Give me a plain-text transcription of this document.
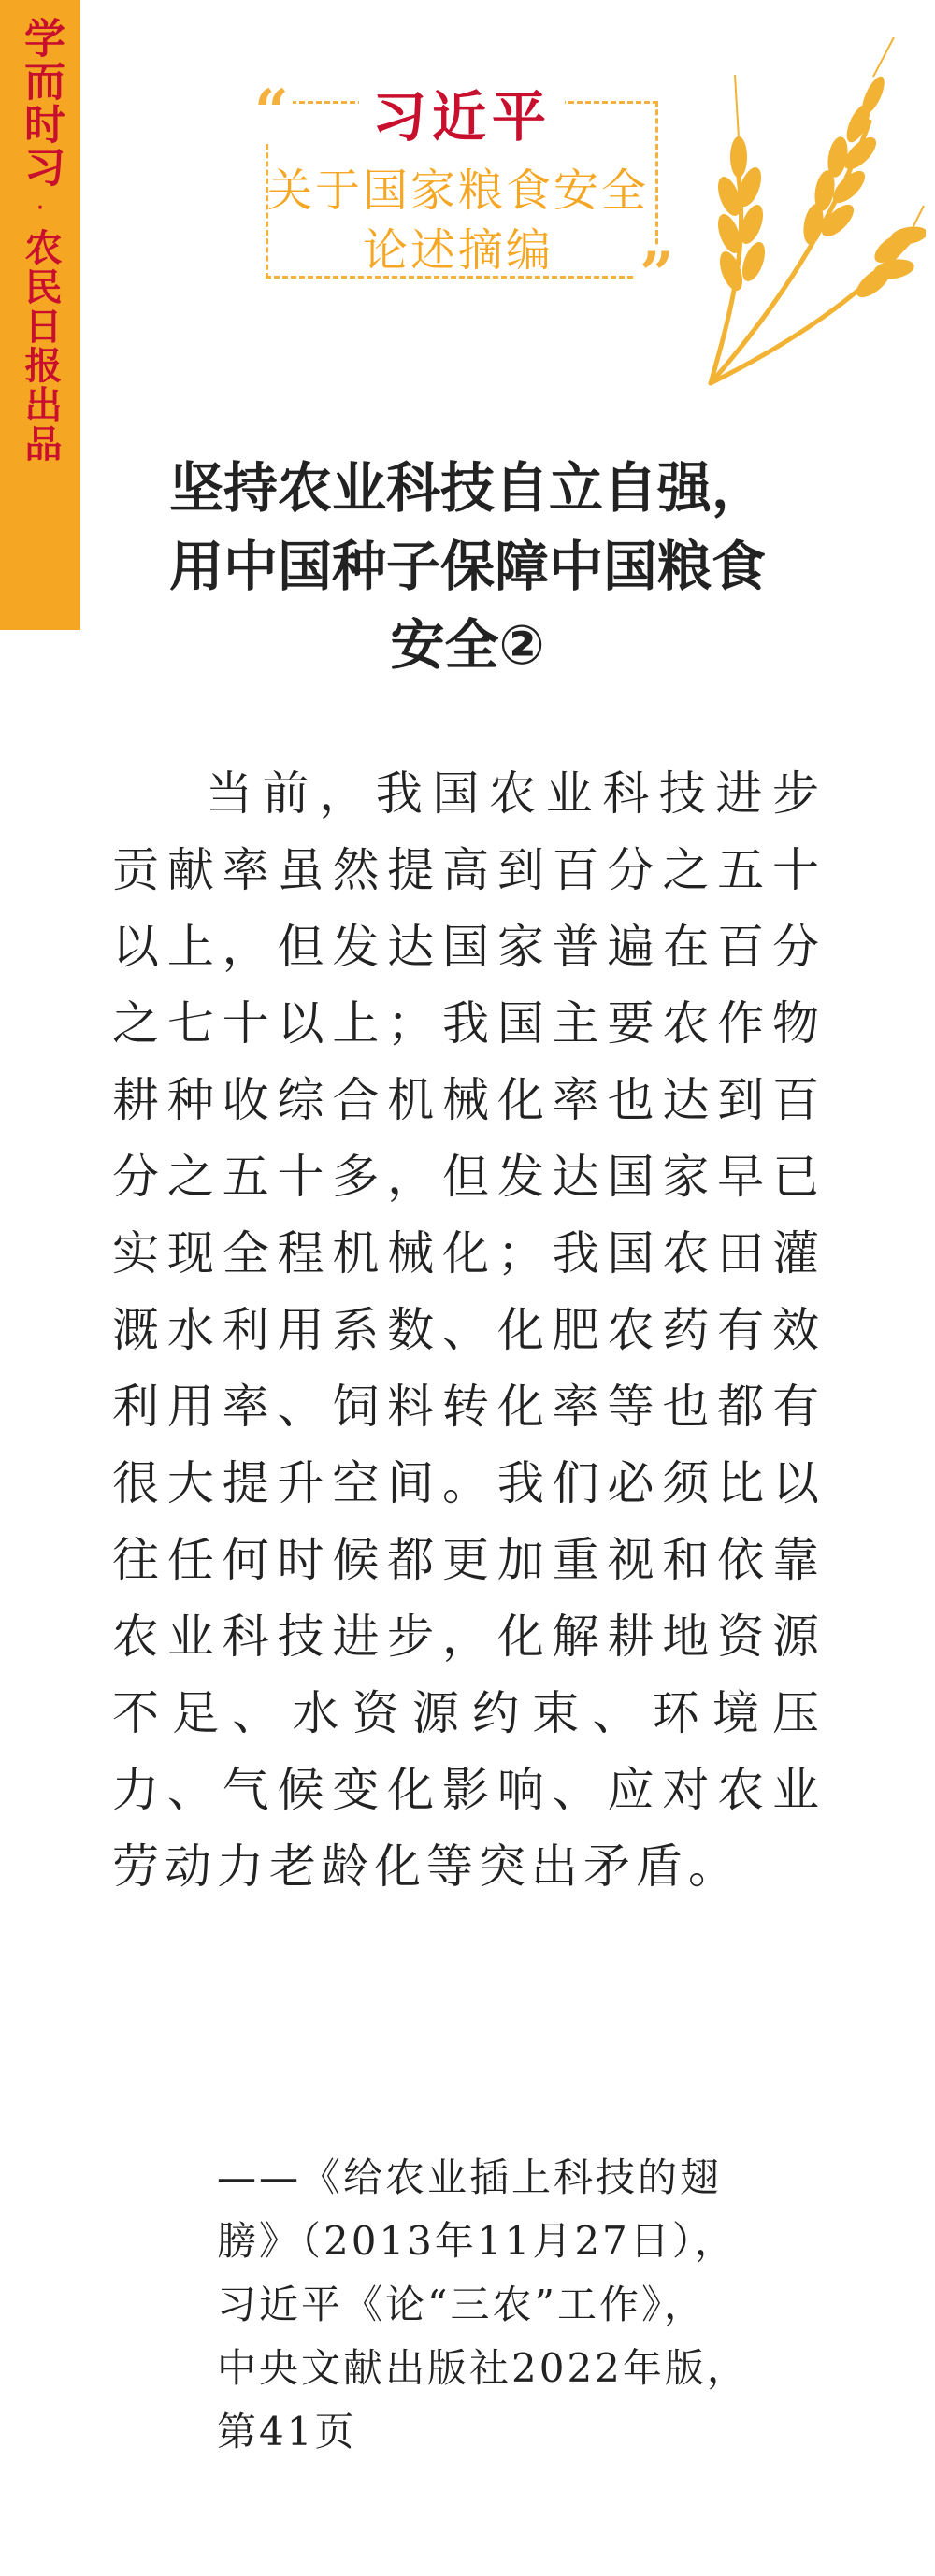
学而时习
·
农民日报出品
“
”
习近平
关于国家粮食安全
论述摘编
坚持农业科技自立自强，
用中国种子保障中国粮食
安全②
当前，我国农业科技进步贡献率虽然提高到百分之五十以上，但发达国家普遍在百分之七十以上；我国主要农作物耕种收综合机械化率也达到百分之五十多，但发达国家早已实现全程机械化；我国农田灌溉水利用系数、化肥农药有效利用率、饲料转化率等也都有很大提升空间。我们必须比以往任何时候都更加重视和依靠农业科技进步，化解耕地资源不足、水资源约束、环境压力、气候变化影响、应对农业劳动力老龄化等突出矛盾。
——《给农业插上科技的翅
膀》（2013年11月27日），
习近平《论“三农”工作》，
中央文献出版社2022年版，
第41页
